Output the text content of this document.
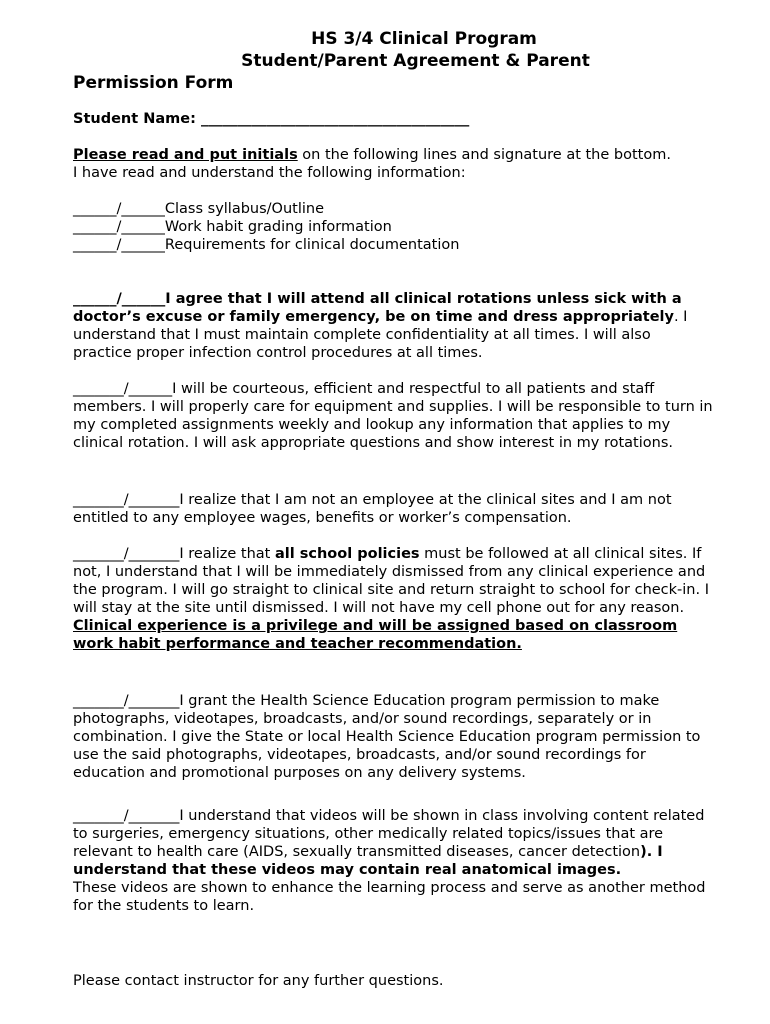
HS 3/4 Clinical Program
Student/Parent Agreement & Parent
Permission Form
Student Name: _____________________________________
Please read and put initials on the following lines and signature at the bottom.
I have read and understand the following information:
______/______Class syllabus/Outline
______/______Work habit grading information
______/______Requirements for clinical documentation
______/______I agree that I will attend all clinical rotations unless sick with a doctor’s excuse or family emergency, be on time and dress appropriately. I understand that I must maintain complete confidentiality at all times. I will also practice proper infection control procedures at all times.
_______/______I will be courteous, efficient and respectful to all patients and staff members. I will properly care for equipment and supplies. I will be responsible to turn in my completed assignments weekly and lookup any information that applies to my clinical rotation. I will ask appropriate questions and show interest in my rotations.
_______/_______I realize that I am not an employee at the clinical sites and I am not entitled to any employee wages, benefits or worker’s compensation.
_______/_______I realize that all school policies must be followed at all clinical sites. If not, I understand that I will be immediately dismissed from any clinical experience and the program. I will go straight to clinical site and return straight to school for check-in. I will stay at the site until dismissed. I will not have my cell phone out for any reason. Clinical experience is a privilege and will be assigned based on classroom work habit performance and teacher recommendation.
_______/_______I grant the Health Science Education program permission to make photographs, videotapes, broadcasts, and/or sound recordings, separately or in combination. I give the State or local Health Science Education program permission to use the said photographs, videotapes, broadcasts, and/or sound recordings for education and promotional purposes on any delivery systems.
_______/_______I understand that videos will be shown in class involving content related to surgeries, emergency situations, other medically related topics/issues that are relevant to health care (AIDS, sexually transmitted diseases, cancer detection). I understand that these videos may contain real anatomical images.
These videos are shown to enhance the learning process and serve as another method for the students to learn.
Please contact instructor for any further questions.
